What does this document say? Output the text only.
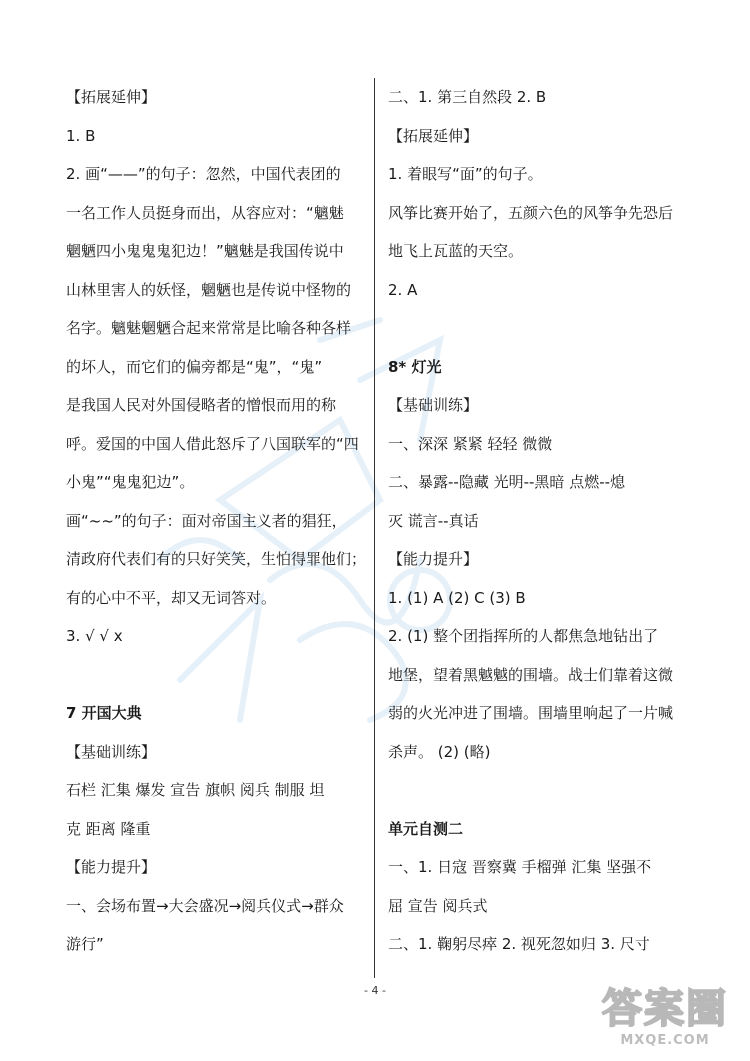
【拓展延伸】
1. B
2. 画“——”的句子：忽然，中国代表团的
一名工作人员挺身而出，从容应对：“魑魅
魍魉四小鬼鬼鬼犯边！”魑魅是我国传说中
山林里害人的妖怪，魍魉也是传说中怪物的
名字。魑魅魍魉合起来常常是比喻各种各样
的坏人，而它们的偏旁都是“鬼”，“鬼”
是我国人民对外国侵略者的憎恨而用的称
呼。爱国的中国人借此怒斥了八国联军的“四
小鬼”“鬼鬼犯边”。
画“~~”的句子：面对帝国主义者的猖狂，
清政府代表们有的只好笑笑，生怕得罪他们；
有的心中不平，却又无词答对。
3. √ √ x
7 开国大典
【基础训练】
石栏 汇集 爆发 宣告 旗帜 阅兵 制服 坦
克 距离 隆重
【能力提升】
一、会场布置→大会盛况→阅兵仪式→群众
游行”
二、1. 第三自然段 2. B
【拓展延伸】
1. 着眼写“面”的句子。
风筝比赛开始了，五颜六色的风筝争先恐后
地飞上瓦蓝的天空。
2. A
8* 灯光
【基础训练】
一、深深 紧紧 轻轻 微微
二、暴露--隐藏 光明--黑暗 点燃--熄
灭 谎言--真话
【能力提升】
1. (1) A (2) C (3) B
2. (1) 整个团指挥所的人都焦急地钻出了
地堡，望着黑魆魆的围墙。战士们靠着这微
弱的火光冲进了围墙。围墙里响起了一片喊
杀声。 (2) (略)
单元自测二
一、1. 日寇 晋察冀 手榴弹 汇集 坚强不
屈 宣告 阅兵式
二、1. 鞠躬尽瘁 2. 视死忽如归 3. 尺寸
- 4 -	答案圈
MXQE.COM
